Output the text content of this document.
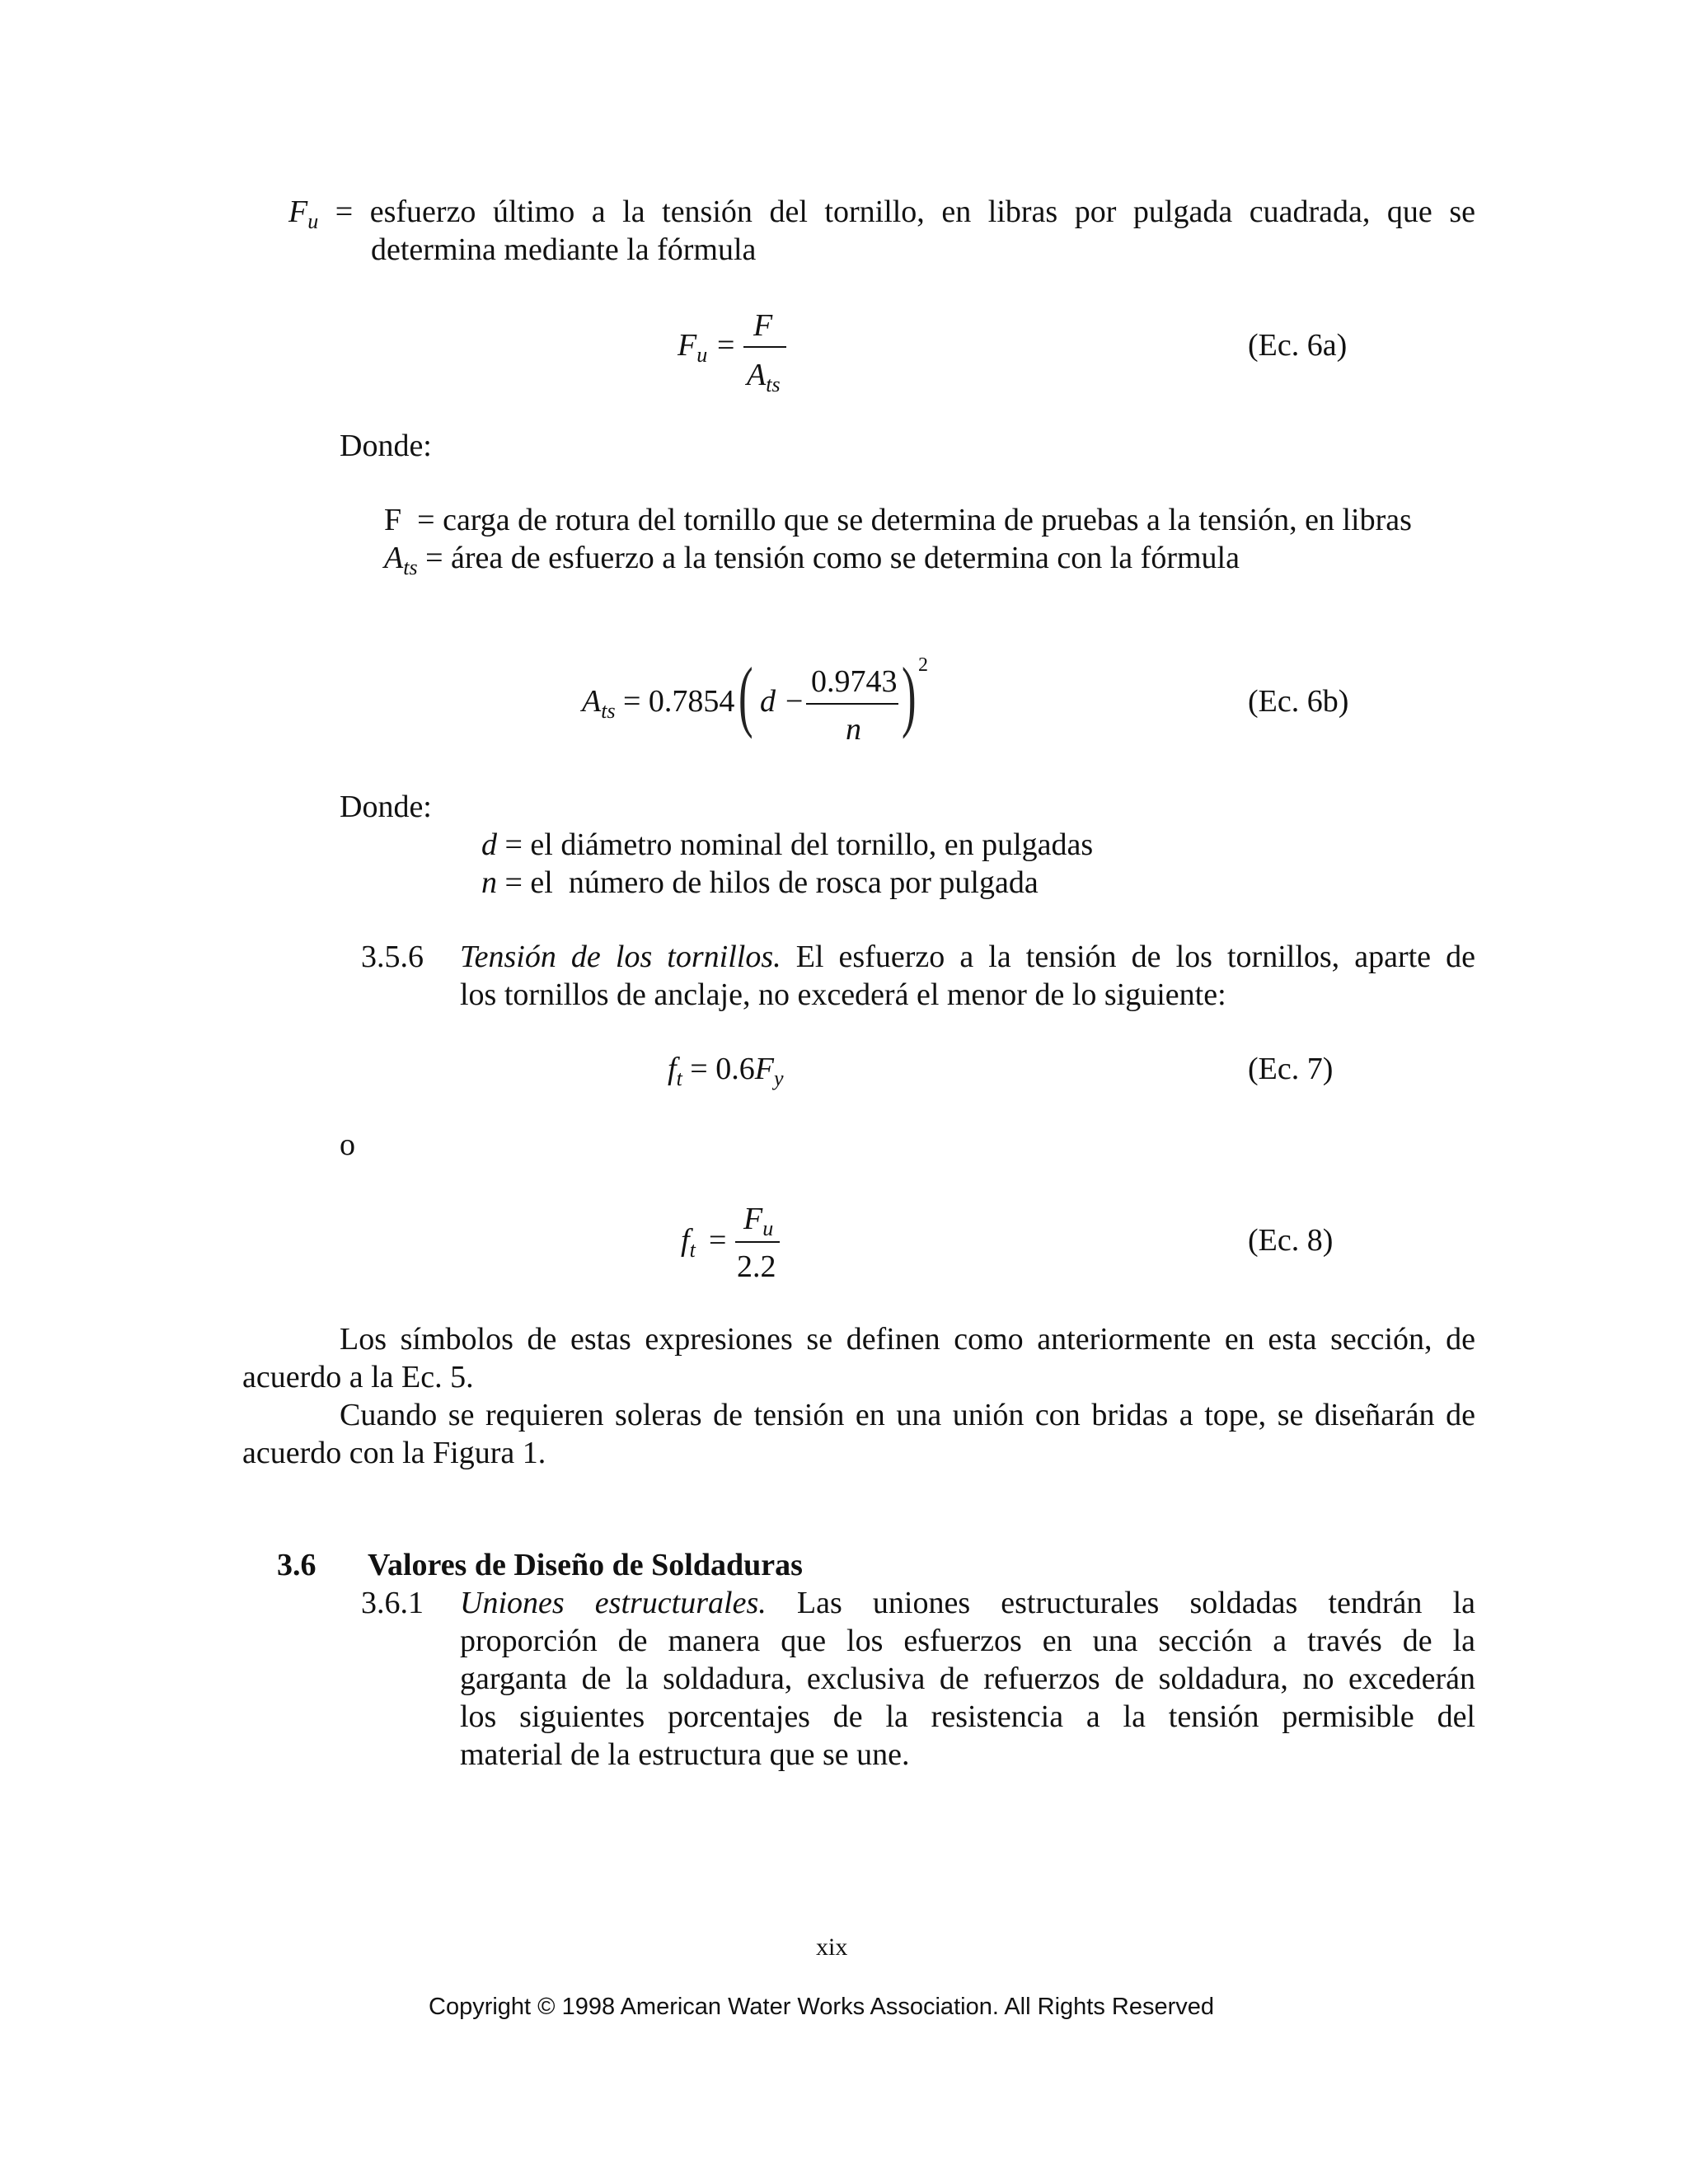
$F_u$ = esfuerzo último a la tensión del tornillo, en libras por pulgada cuadrada, que se
determina mediante la fórmula
$F_u$ =
F
$A_{ts}$
(Ec. 6a)
Donde:
F = carga de rotura del tornillo que se determina de pruebas a la tensión, en libras
$A_{ts}$ = área de esfuerzo a la tensión como se determina con la fórmula
$A_{ts} = 0.7854$ ( d −
0.9743
n ) 2
(Ec. 6b)
Donde:
d = el diámetro nominal del tornillo, en pulgadas
n = el  número de hilos de rosca por pulgada
3.5.6 Tensión de los tornillos. El esfuerzo a la tensión de los tornillos, aparte de
los tornillos de anclaje, no excederá el menor de lo siguiente:
$f_t = 0.6F_y$	(Ec. 7)
o
$f_t$ =
$F_u$
2.2
(Ec. 8)
Los símbolos de estas expresiones se definen como anteriormente en esta sección, de
acuerdo a la Ec. 5.
Cuando se requieren soleras de tensión en una unión con bridas a tope, se diseñarán de
acuerdo con la Figura 1.
3.6 Valores de Diseño de Soldaduras
3.6.1 Uniones estructurales. Las uniones estructurales soldadas tendrán la
proporción de manera que los esfuerzos en una sección a través de la
garganta de la soldadura, exclusiva de refuerzos de soldadura, no excederán
los siguientes porcentajes de la resistencia a la tensión permisible del
material de la estructura que se une.
xix
Copyright © 1998 American Water Works Association. All Rights Reserved
